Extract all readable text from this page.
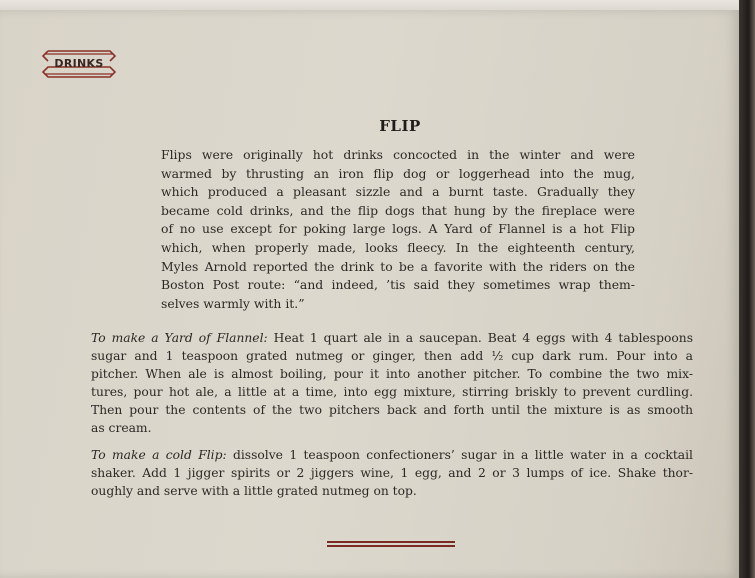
DRINKS
FLIP

Flips were originally hot drinks concocted in the winter and were
warmed by thrusting an iron flip dog or loggerhead into the mug,
which produced a pleasant sizzle and a burnt taste. Gradually they
became cold drinks, and the flip dogs that hung by the fireplace were
of no use except for poking large logs. A Yard of Flannel is a hot Flip
which, when properly made, looks fleecy. In the eighteenth century,
Myles Arnold reported the drink to be a favorite with the riders on the
Boston Post route: “and indeed, ’tis said they sometimes wrap them-
selves warmly with it.”

To make a Yard of Flannel: Heat 1 quart ale in a saucepan. Beat 4 eggs with 4 tablespoons
sugar and 1 teaspoon grated nutmeg or ginger, then add ½ cup dark rum. Pour into a
pitcher. When ale is almost boiling, pour it into another pitcher. To combine the two mix-
tures, pour hot ale, a little at a time, into egg mixture, stirring briskly to prevent curdling.
Then pour the contents of the two pitchers back and forth until the mixture is as smooth
as cream.

To make a cold Flip: dissolve 1 teaspoon confectioners’ sugar in a little water in a cocktail
shaker. Add 1 jigger spirits or 2 jiggers wine, 1 egg, and 2 or 3 lumps of ice. Shake thor-
oughly and serve with a little grated nutmeg on top.
